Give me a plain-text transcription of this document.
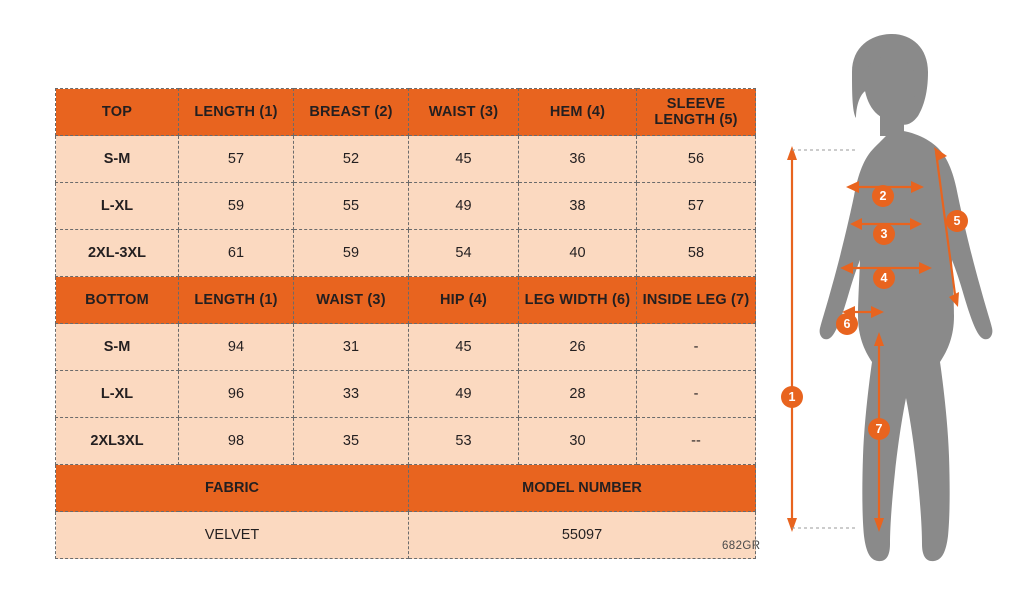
TOP	LENGTH (1)	BREAST (2)	WAIST (3)	HEM (4)	SLEEVE LENGTH (5)
S-M	57	52	45	36	56
L-XL	59	55	49	38	57
2XL-3XL	61	59	54	40	58
BOTTOM	LENGTH (1)	WAIST (3)	HIP (4)	LEG WIDTH (6)	INSIDE LEG (7)
S-M	94	31	45	26	-
L-XL	96	33	49	28	-
2XL3XL	98	35	53	30	--
FABRIC			MODEL NUMBER		
VELVET			55097		
682GR
2
3
4
5
6
1
7
